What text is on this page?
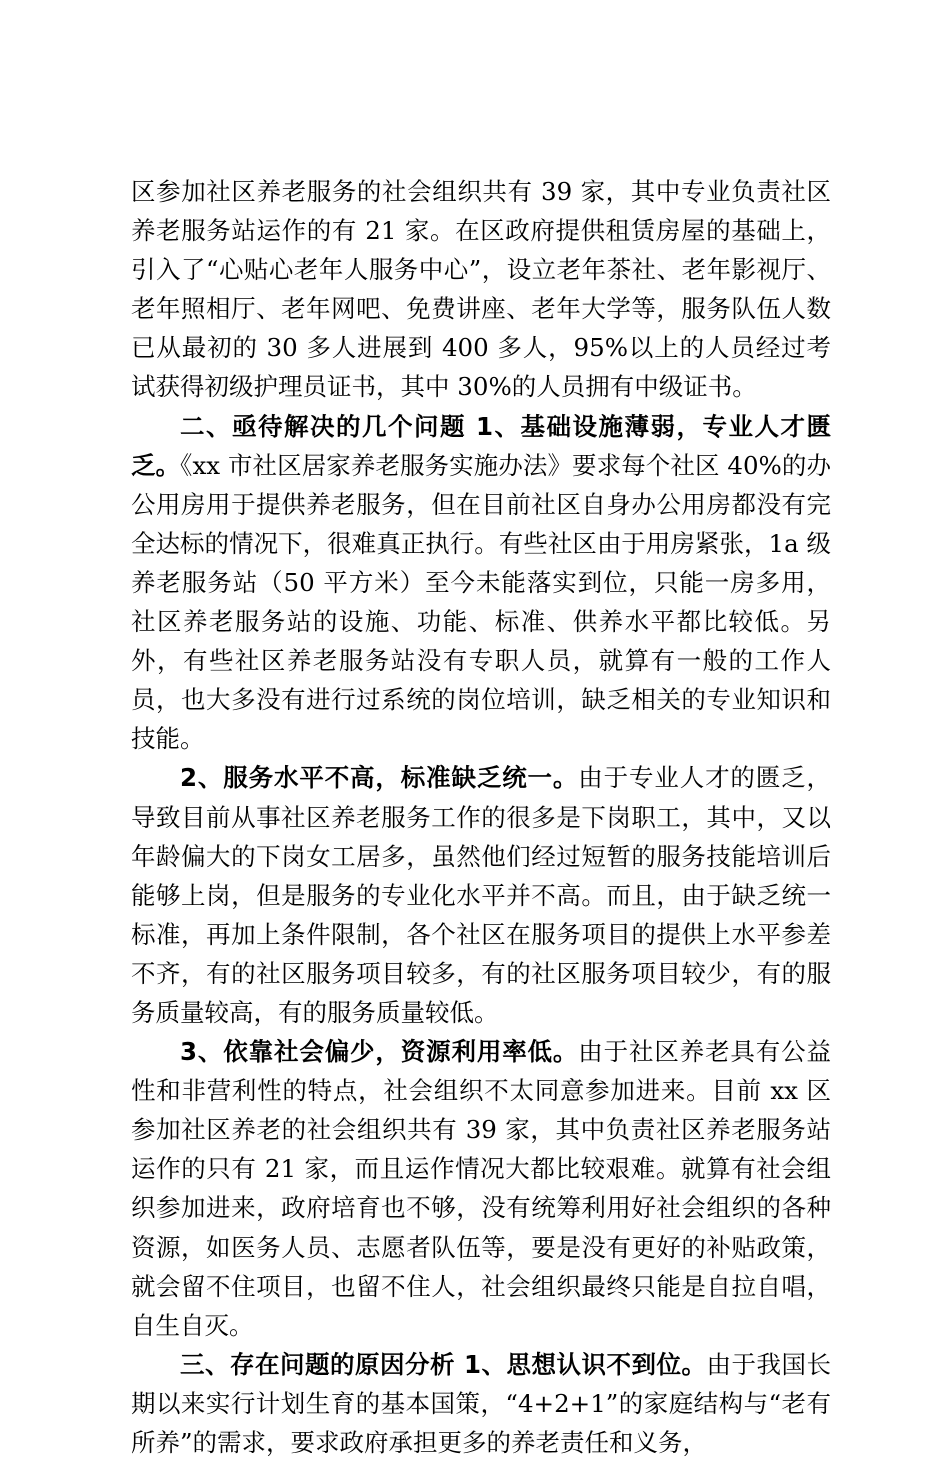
区参加社区养老服务的社会组织共有 39 家，其中专业负责社区养老服务站运作的有 21 家。在区政府提供租赁房屋的基础上，引入了“心贴心老年人服务中心”，设立老年茶社、老年影视厅、老年照相厅、老年网吧、免费讲座、老年大学等，服务队伍人数已从最初的 30 多人进展到 400 多人，95%以上的人员经过考试获得初级护理员证书，其中 30%的人员拥有中级证书。

二、亟待解决的几个问题 1、基础设施薄弱，专业人才匮乏。《xx 市社区居家养老服务实施办法》要求每个社区 40%的办公用房用于提供养老服务，但在目前社区自身办公用房都没有完全达标的情况下，很难真正执行。有些社区由于用房紧张，1a 级养老服务站（50 平方米）至今未能落实到位，只能一房多用，社区养老服务站的设施、功能、标准、供养水平都比较低。另外，有些社区养老服务站没有专职人员，就算有一般的工作人员，也大多没有进行过系统的岗位培训，缺乏相关的专业知识和技能。

2、服务水平不高，标准缺乏统一。由于专业人才的匮乏，导致目前从事社区养老服务工作的很多是下岗职工，其中，又以年龄偏大的下岗女工居多，虽然他们经过短暂的服务技能培训后能够上岗，但是服务的专业化水平并不高。而且，由于缺乏统一标准，再加上条件限制，各个社区在服务项目的提供上水平参差不齐，有的社区服务项目较多，有的社区服务项目较少，有的服务质量较高，有的服务质量较低。

3、依靠社会偏少，资源利用率低。由于社区养老具有公益性和非营利性的特点，社会组织不太同意参加进来。目前 xx 区参加社区养老的社会组织共有 39 家，其中负责社区养老服务站运作的只有 21 家，而且运作情况大都比较艰难。就算有社会组织参加进来，政府培育也不够，没有统筹利用好社会组织的各种资源，如医务人员、志愿者队伍等，要是没有更好的补贴政策，就会留不住项目，也留不住人，社会组织最终只能是自拉自唱，自生自灭。

三、存在问题的原因分析 1、思想认识不到位。由于我国长期以来实行计划生育的基本国策，“4+2+1”的家庭结构与“老有所养”的需求，要求政府承担更多的养老责任和义务，
